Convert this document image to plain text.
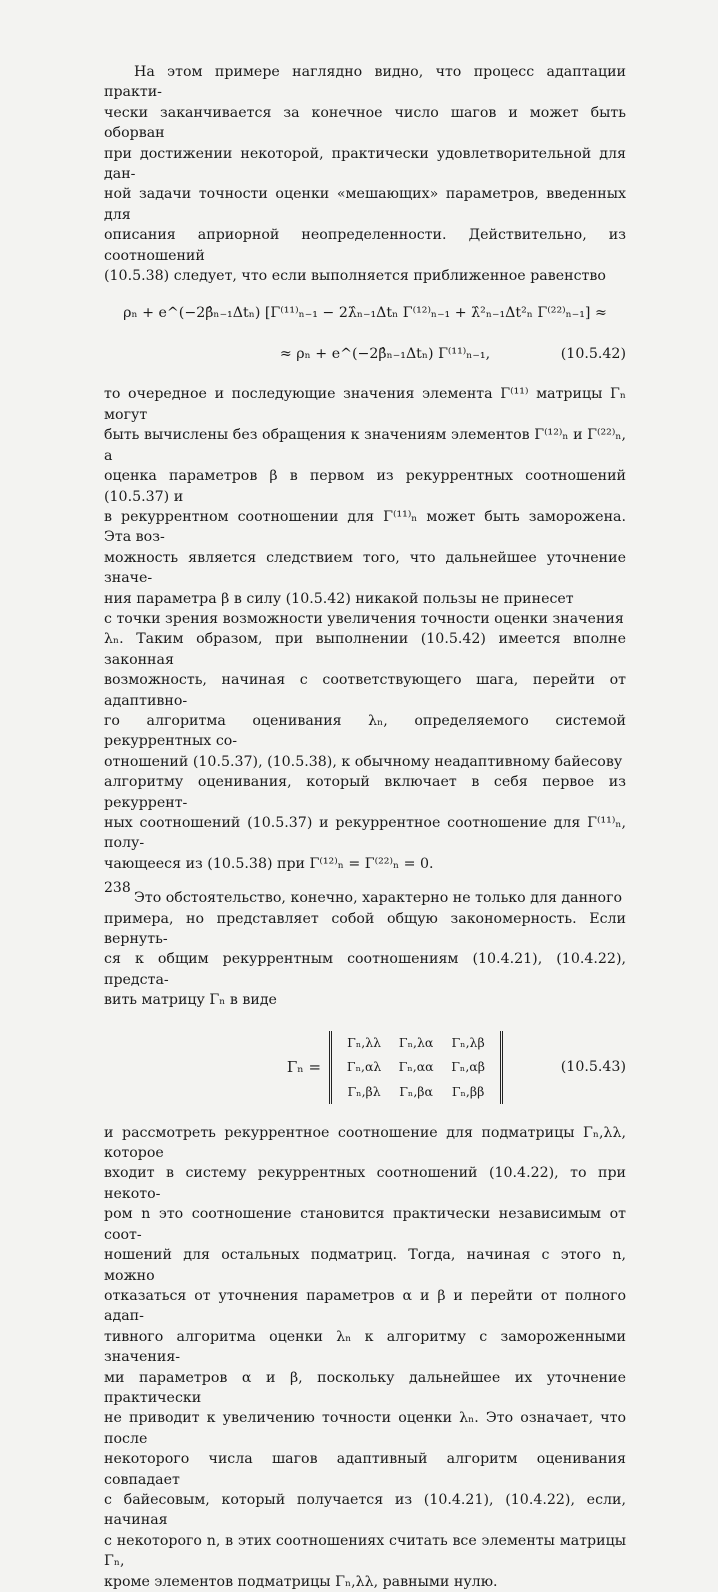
На этом примере наглядно видно, что процесс адаптации практи-

чески заканчивается за конечное число шагов и может быть оборван

при достижении некоторой, практически удовлетворительной для дан-

ной задачи точности оценки «мешающих» параметров, введенных для

описания априорной неопределенности. Действительно, из соотношений

(10.5.38) следует, что если выполняется приближенное равенство

ρₙ + e^(−2β̂ₙ₋₁Δtₙ) [Γ⁽¹¹⁾ₙ₋₁ − 2λ̂ₙ₋₁Δtₙ Γ⁽¹²⁾ₙ₋₁ + λ̂²ₙ₋₁Δt²ₙ Γ⁽²²⁾ₙ₋₁] ≈
≈ ρₙ + e^(−2β̂ₙ₋₁Δtₙ) Γ⁽¹¹⁾ₙ₋₁,	(10.5.42)

то очередное и последующие значения элемента Γ⁽¹¹⁾ матрицы Γₙ могут

быть вычислены без обращения к значениям элементов Γ⁽¹²⁾ₙ и Γ⁽²²⁾ₙ, а

оценка параметров β в первом из рекуррентных соотношений (10.5.37) и

в рекуррентном соотношении для Γ⁽¹¹⁾ₙ может быть заморожена. Эта воз-

можность является следствием того, что дальнейшее уточнение значе-

ния параметра β в силу (10.5.42) никакой пользы не принесет

с точки зрения возможности увеличения точности оценки значения

λₙ. Таким образом, при выполнении (10.5.42) имеется вполне законная

возможность, начиная с соответствующего шага, перейти от адаптивно-

го алгоритма оценивания λₙ, определяемого системой рекуррентных со-

отношений (10.5.37), (10.5.38), к обычному неадаптивному байесову

алгоритму оценивания, который включает в себя первое из рекуррент-

ных соотношений (10.5.37) и рекуррентное соотношение для Γ⁽¹¹⁾ₙ, полу-

чающееся из (10.5.38) при Γ⁽¹²⁾ₙ = Γ⁽²²⁾ₙ = 0.

Это обстоятельство, конечно, характерно не только для данного

примера, но представляет собой общую закономерность. Если вернуть-

ся к общим рекуррентным соотношениям (10.4.21), (10.4.22), предста-

вить матрицу Γₙ в виде

Γₙ =
Γₙ,λλ	Γₙ,λα	Γₙ,λβ
Γₙ,αλ	Γₙ,αα	Γₙ,αβ
Γₙ,βλ	Γₙ,βα	Γₙ,ββ
(10.5.43)

и рассмотреть рекуррентное соотношение для подматрицы Γₙ,λλ, которое

входит в систему рекуррентных соотношений (10.4.22), то при некото-

ром n это соотношение становится практически независимым от соот-

ношений для остальных подматриц. Тогда, начиная с этого n, можно

отказаться от уточнения параметров α и β и перейти от полного адап-

тивного алгоритма оценки λₙ к алгоритму с замороженными значения-

ми параметров α и β, поскольку дальнейшее их уточнение практически

не приводит к увеличению точности оценки λₙ. Это означает, что после

некоторого числа шагов адаптивный алгоритм оценивания совпадает

с байесовым, который получается из (10.4.21), (10.4.22), если, начиная

с некоторого n, в этих соотношениях считать все элементы матрицы Γₙ,

кроме элементов подматрицы Γₙ,λλ, равными нулю.

238
